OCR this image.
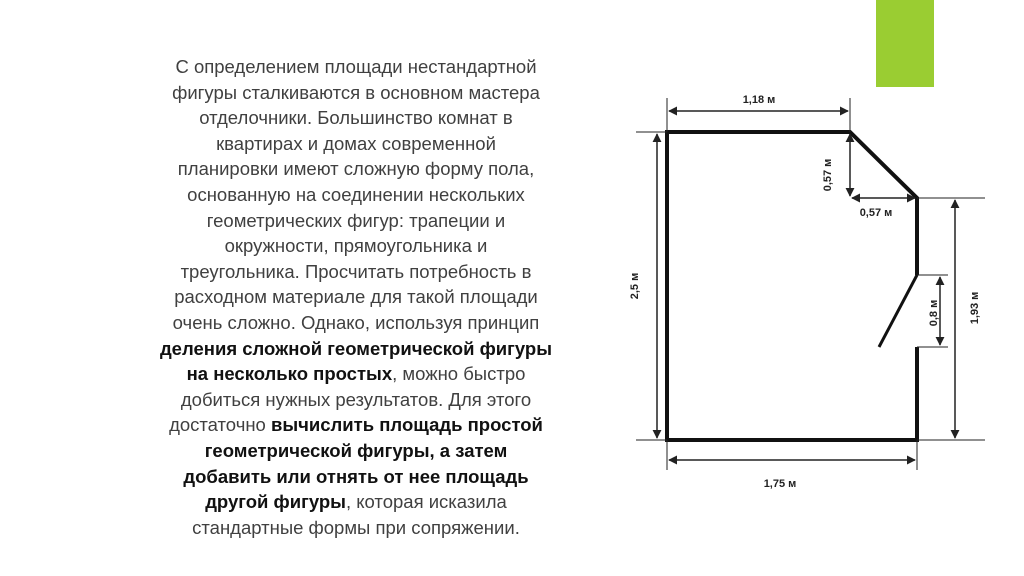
С определением площади нестандартной
фигуры сталкиваются в основном мастера
отделочники. Большинство комнат в
квартирах и домах современной
планировки имеют сложную форму пола,
основанную на соединении нескольких
геометрических фигур: трапеции и
окружности, прямоугольника и
треугольника. Просчитать потребность в
расходном материале для такой площади
очень сложно. Однако, используя принцип
деления сложной геометрической фигуры
на несколько простых, можно быстро
добиться нужных результатов. Для этого
достаточно вычислить площадь простой
геометрической фигуры, а затем
добавить или отнять от нее площадь
другой фигуры, которая исказила
стандартные формы при сопряжении.
1,18 м
0,57 м
0,57 м
2,5 м
1,93 м
0,8 м
1,75 м
